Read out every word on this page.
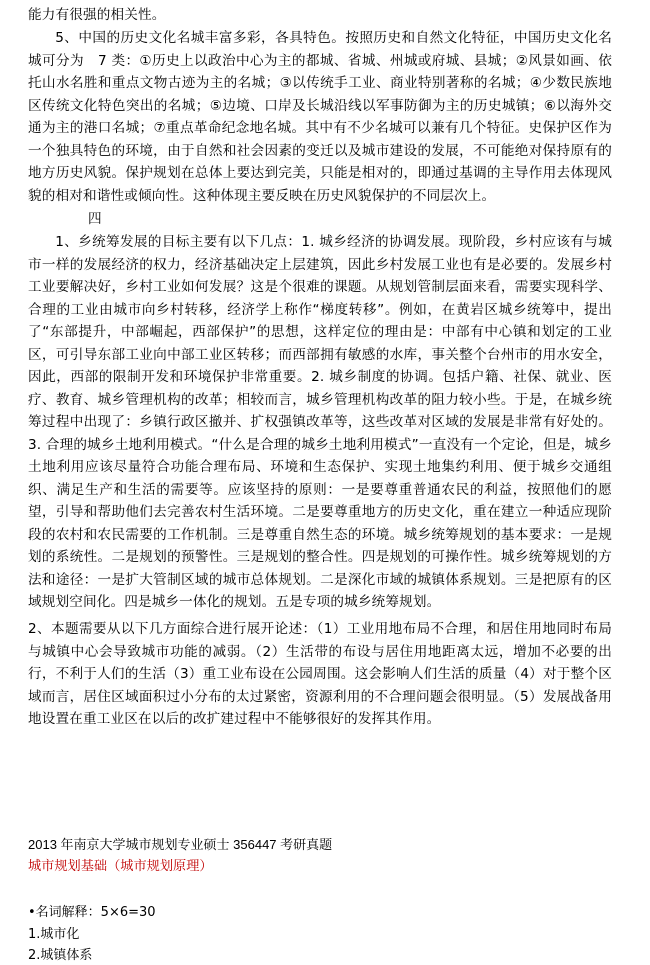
能力有很强的相关性。
5、中国的历史文化名城丰富多彩，各具特色。按照历史和自然文化特征，中国历史文化名城可分为　7 类：①历史上以政治中心为主的都城、省城、州城或府城、县城；②风景如画、依托山水名胜和重点文物古迹为主的名城；③以传统手工业、商业特别著称的名城；④少数民族地区传统文化特色突出的名城；⑤边境、口岸及长城沿线以军事防御为主的历史城镇；⑥以海外交通为主的港口名城；⑦重点革命纪念地名城。其中有不少名城可以兼有几个特征。史保护区作为一个独具特色的环境，由于自然和社会因素的变迁以及城市建设的发展，不可能绝对保持原有的地方历史风貌。保护规划在总体上要达到完美，只能是相对的，即通过基调的主导作用去体现风貌的相对和谐性或倾向性。这种体现主要反映在历史风貌保护的不同层次上。
四
1、乡统筹发展的目标主要有以下几点：1. 城乡经济的协调发展。现阶段，乡村应该有与城市一样的发展经济的权力，经济基础决定上层建筑，因此乡村发展工业也有是必要的。发展乡村工业要解决好，乡村工业如何发展？这是个很难的课题。从规划管制层面来看，需要实现科学、合理的工业由城市向乡村转移，经济学上称作“梯度转移”。例如，在黄岩区城乡统筹中，提出了“东部提升，中部崛起，西部保护”的思想，这样定位的理由是：中部有中心镇和划定的工业区，可引导东部工业向中部工业区转移；而西部拥有敏感的水库，事关整个台州市的用水安全，因此，西部的限制开发和环境保护非常重要。2. 城乡制度的协调。包括户籍、社保、就业、医疗、教育、城乡管理机构的改革；相较而言，城乡管理机构改革的阻力较小些。于是，在城乡统筹过程中出现了：乡镇行政区撤并、扩权强镇改革等，这些改革对区域的发展是非常有好处的。3. 合理的城乡土地利用模式。“什么是合理的城乡土地利用模式”一直没有一个定论，但是，城乡土地利用应该尽量符合功能合理布局、环境和生态保护、实现土地集约利用、便于城乡交通组织、满足生产和生活的需要等。应该坚持的原则：一是要尊重普通农民的利益，按照他们的愿望，引导和帮助他们去完善农村生活环境。二是要尊重地方的历史文化，重在建立一种适应现阶段的农村和农民需要的工作机制。三是尊重自然生态的环境。城乡统筹规划的基本要求：一是规划的系统性。二是规划的预警性。三是规划的整合性。四是规划的可操作性。城乡统筹规划的方法和途径：一是扩大管制区域的城市总体规划。二是深化市域的城镇体系规划。三是把原有的区域规划空间化。四是城乡一体化的规划。五是专项的城乡统筹规划。
2、本题需要从以下几方面综合进行展开论述：（1）工业用地布局不合理，和居住用地同时布局与城镇中心会导致城市功能的减弱。（2）生活带的布设与居住用地距离太远，增加不必要的出行，不利于人们的生活（3）重工业布设在公园周围。这会影响人们生活的质量（4）对于整个区域而言，居住区域面积过小分布的太过紧密，资源利用的不合理问题会很明显。（5）发展战备用地设置在重工业区在以后的改扩建过程中不能够很好的发挥其作用。
2013 年南京大学城市规划专业硕士 356447 考研真题
城市规划基础（城市规划原理）
•名词解释：5×6=30
1.城市化
2.城镇体系
